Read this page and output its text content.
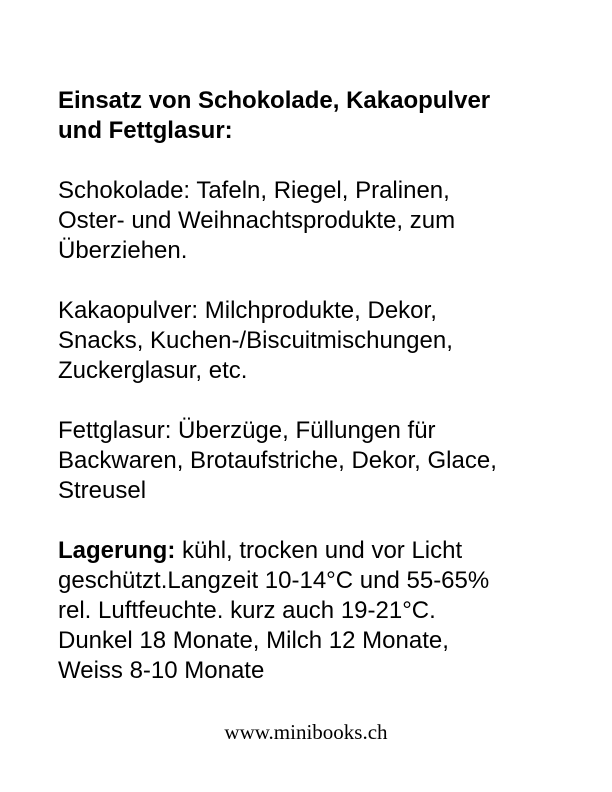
Einsatz von Schokolade, Kakaopulver
und Fettglasur:
Schokolade: Tafeln, Riegel, Pralinen,
Oster- und Weihnachtsprodukte, zum
Überziehen.
Kakaopulver: Milchprodukte, Dekor,
Snacks, Kuchen-/Biscuitmischungen,
Zuckerglasur, etc.
Fettglasur: Überzüge, Füllungen für
Backwaren, Brotaufstriche, Dekor, Glace,
Streusel
Lagerung: kühl, trocken und vor Licht
geschützt.Langzeit 10-14°C und 55-65%
rel. Luftfeuchte. kurz auch 19-21°C.
Dunkel 18 Monate, Milch 12 Monate,
Weiss 8-10 Monate
www.minibooks.ch
